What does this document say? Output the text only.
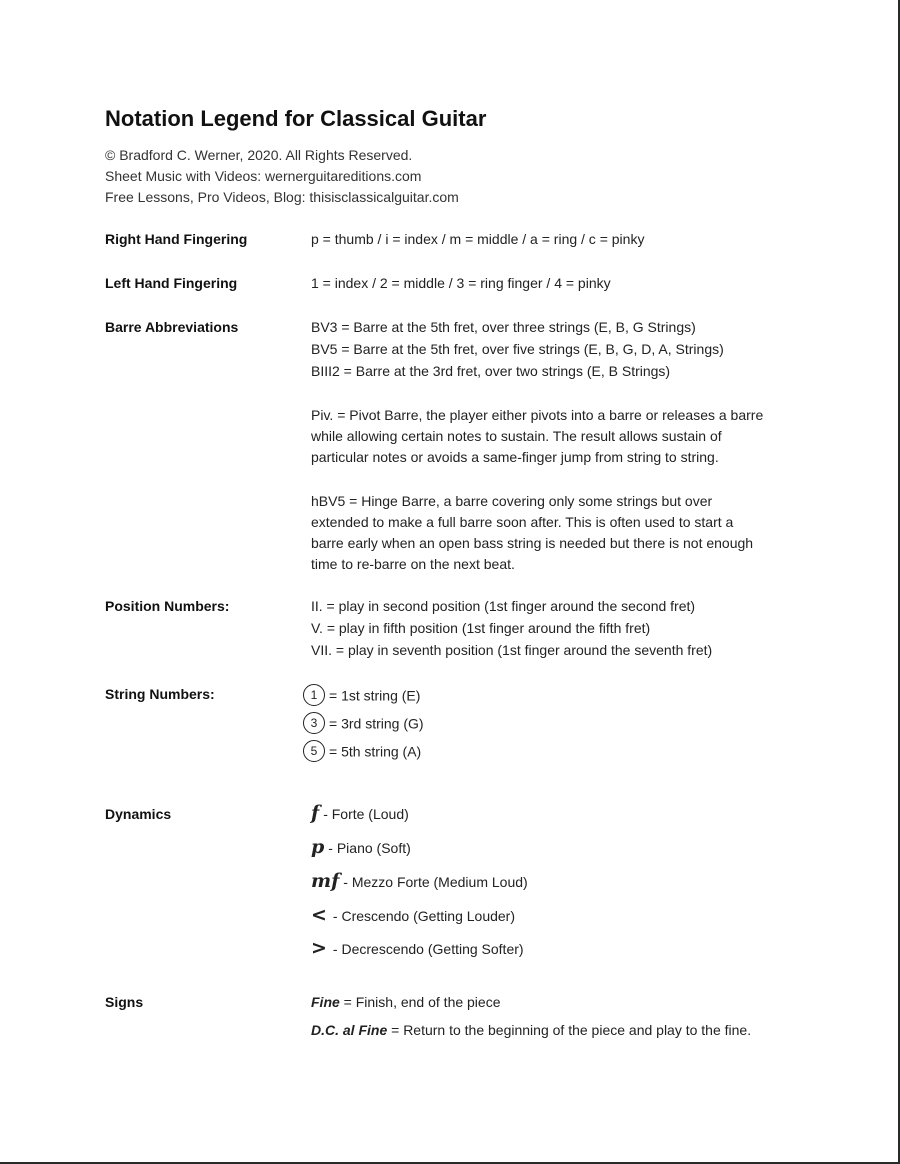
Notation Legend for Classical Guitar
© Bradford C. Werner, 2020. All Rights Reserved.
Sheet Music with Videos: wernerguitareditions.com
Free Lessons, Pro Videos, Blog: thisisclassicalguitar.com
Right Hand Fingering	p = thumb / i = index / m = middle / a = ring / c = pinky
Left Hand Fingering	1 = index / 2 = middle / 3 = ring finger / 4 = pinky
Barre Abbreviations	BV3 = Barre at the 5th fret, over three strings (E, B, G Strings)
BV5 = Barre at the 5th fret, over five strings (E, B, G, D, A, Strings)
BIII2 = Barre at the 3rd fret, over two strings (E, B Strings)
Piv. = Pivot Barre, the player either pivots into a barre or releases a barre
while allowing certain notes to sustain. The result allows sustain of
particular notes or avoids a same-finger jump from string to string.
hBV5 = Hinge Barre, a barre covering only some strings but over
extended to make a full barre soon after. This is often used to start a
barre early when an open bass string is needed but there is not enough
time to re-barre on the next beat.
Position Numbers:	II. = play in second position (1st finger around the second fret)
V. = play in fifth position (1st finger around the fifth fret)
VII. = play in seventh position (1st finger around the seventh fret)
String Numbers:	1 = 1st string (E)
3 = 3rd string (G)
5 = 5th string (A)
Dynamics	f - Forte (Loud)
p - Piano (Soft)
mf - Mezzo Forte (Medium Loud)
< - Crescendo (Getting Louder)
> - Decrescendo (Getting Softer)
Signs	Fine = Finish, end of the piece
D.C. al Fine = Return to the beginning of the piece and play to the fine.
